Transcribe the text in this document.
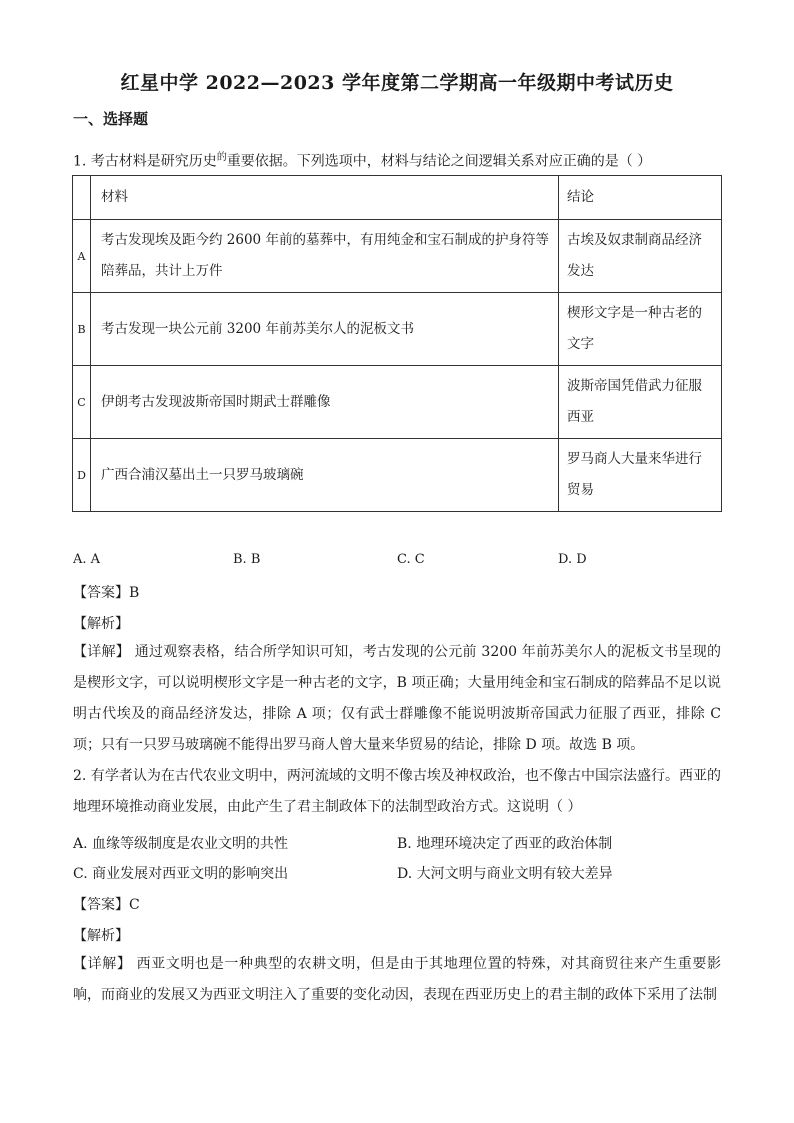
红星中学 2022—2023 学年度第二学期高一年级期中考试历史
一、选择题
1. 考古材料是研究历史$^的$重要依据。下列选项中，材料与结论之间逻辑关系对应正确的是（ ）
	材料	结论
A	考古发现埃及距今约 2600 年前的墓葬中，有用纯金和宝石制成的护身符等陪葬品，共计上万件	古埃及奴隶制商品经济发达
B	考古发现一块公元前 3200 年前苏美尔人的泥板文书	楔形文字是一种古老的文字
C	伊朗考古发现波斯帝国时期武士群雕像	波斯帝国凭借武力征服西亚
D	广西合浦汉墓出土一只罗马玻璃碗	罗马商人大量来华进行贸易
A. A	B. B	C. C	D. D
【答案】B
【解析】
【详解】 通过观察表格，结合所学知识可知，考古发现的公元前 3200 年前苏美尔人的泥板文书呈现的是楔形文字，可以说明楔形文字是一种古老的文字，B 项正确；大量用纯金和宝石制成的陪葬品不足以说明古代埃及的商品经济发达，排除 A 项；仅有武士群雕像不能说明波斯帝国武力征服了西亚，排除 C 项；只有一只罗马玻璃碗不能得出罗马商人曾大量来华贸易的结论，排除 D 项。故选 B 项。
2. 有学者认为在古代农业文明中，两河流域的文明不像古埃及神权政治，也不像古中国宗法盛行。西亚的地理环境推动商业发展，由此产生了君主制政体下的法制型政治方式。这说明（ ）
A. 血缘等级制度是农业文明的共性	B. 地理环境决定了西亚的政治体制
C. 商业发展对西亚文明的影响突出	D. 大河文明与商业文明有较大差异
【答案】C
【解析】
【详解】 西亚文明也是一种典型的农耕文明，但是由于其地理位置的特殊，对其商贸往来产生重要影响，而商业的发展又为西亚文明注入了重要的变化动因，表现在西亚历史上的君主制的政体下采用了法制
